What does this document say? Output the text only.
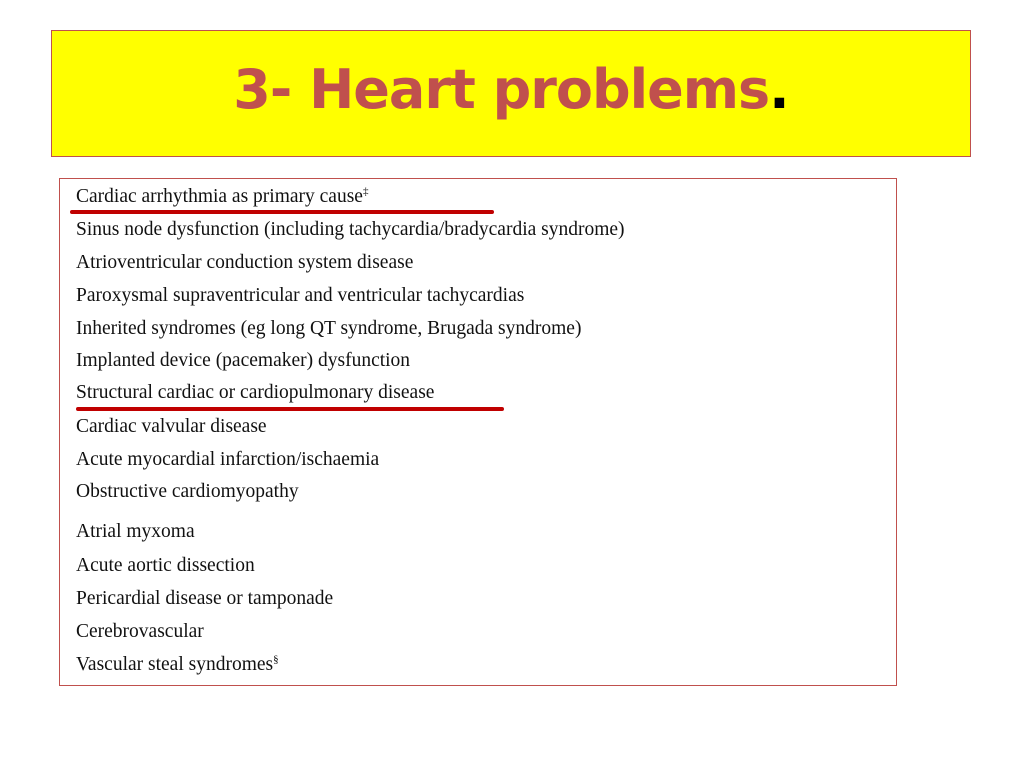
3- Heart problems.
Cardiac arrhythmia as primary cause‡
Sinus node dysfunction (including tachycardia/bradycardia syndrome)
Atrioventricular conduction system disease
Paroxysmal supraventricular and ventricular tachycardias
Inherited syndromes (eg long QT syndrome, Brugada syndrome)
Implanted device (pacemaker) dysfunction
Structural cardiac or cardiopulmonary disease
Cardiac valvular disease
Acute myocardial infarction/ischaemia
Obstructive cardiomyopathy
Atrial myxoma
Acute aortic dissection
Pericardial disease or tamponade
Cerebrovascular
Vascular steal syndromes§
